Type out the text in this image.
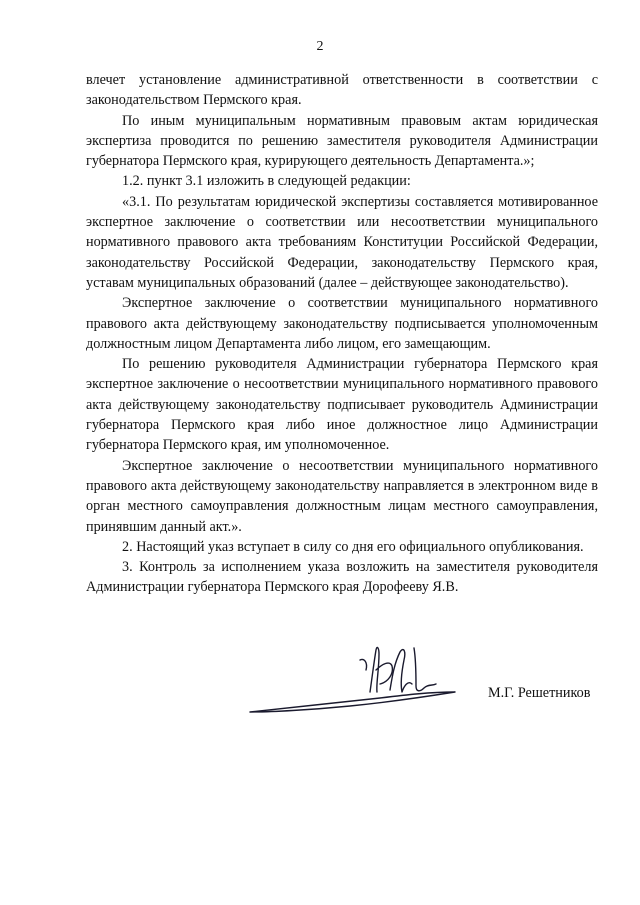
2

влечет установление административной ответственности в соответствии с законодательством Пермского края.

По иным муниципальным нормативным правовым актам юридическая экспертиза проводится по решению заместителя руководителя Администрации губернатора Пермского края, курирующего деятельность Департамента.»;

1.2. пункт 3.1 изложить в следующей редакции:

«3.1. По результатам юридической экспертизы составляется мотивированное экспертное заключение о соответствии или несоответствии муниципального нормативного правового акта требованиям Конституции Российской Федерации, законодательству Российской Федерации, законодательству Пермского края, уставам муниципальных образований (далее – действующее законодательство).

Экспертное заключение о соответствии муниципального нормативного правового акта действующему законодательству подписывается уполномоченным должностным лицом Департамента либо лицом, его замещающим.

По решению руководителя Администрации губернатора Пермского края экспертное заключение о несоответствии муниципального нормативного правового акта действующему законодательству подписывает руководитель Администрации губернатора Пермского края либо иное должностное лицо Администрации губернатора Пермского края, им уполномоченное.

Экспертное заключение о несоответствии муниципального нормативного правового акта действующему законодательству направляется в электронном виде в орган местного самоуправления должностным лицам местного самоуправления, принявшим данный акт.».

2. Настоящий указ вступает в силу со дня его официального опубликования.

3. Контроль за исполнением указа возложить на заместителя руководителя Администрации губернатора Пермского края Дорофееву Я.В.

М.Г. Решетников
